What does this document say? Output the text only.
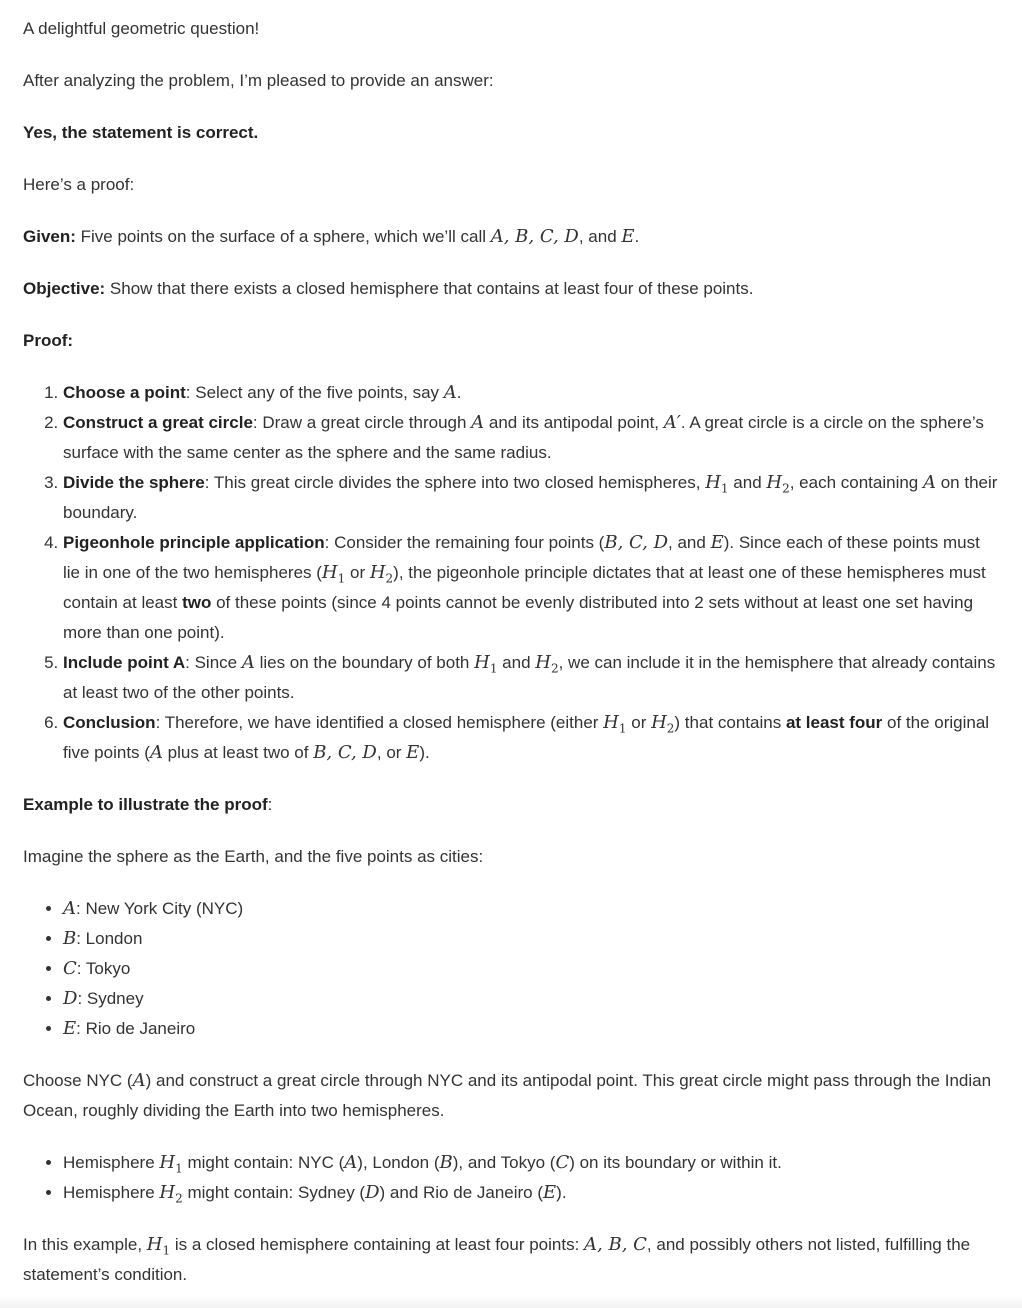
A delightful geometric question!

After analyzing the problem, I’m pleased to provide an answer:

Yes, the statement is correct.

Here’s a proof:

Given: Five points on the surface of a sphere, which we’ll call A, B, C, D, and E.

Objective: Show that there exists a closed hemisphere that contains at least four of these points.

Proof:

1. Choose a point: Select any of the five points, say A.
2. Construct a great circle: Draw a great circle through A and its antipodal point, A′. A great circle is a circle on the sphere’s surface with the same center as the sphere and the same radius.
3. Divide the sphere: This great circle divides the sphere into two closed hemispheres, $H_1$ and $H_2$, each containing A on their boundary.
4. Pigeonhole principle application: Consider the remaining four points (B, C, D, and E). Since each of these points must lie in one of the two hemispheres ($H_1$ or $H_2$), the pigeonhole principle dictates that at least one of these hemispheres must contain at least two of these points (since 4 points cannot be evenly distributed into 2 sets without at least one set having more than one point).
5. Include point A: Since A lies on the boundary of both $H_1$ and $H_2$, we can include it in the hemisphere that already contains at least two of the other points.
6. Conclusion: Therefore, we have identified a closed hemisphere (either $H_1$ or $H_2$) that contains at least four of the original five points (A plus at least two of B, C, D, or E).

Example to illustrate the proof:

Imagine the sphere as the Earth, and the five points as cities:

• A: New York City (NYC)
• B: London
• C: Tokyo
• D: Sydney
• E: Rio de Janeiro

Choose NYC (A) and construct a great circle through NYC and its antipodal point. This great circle might pass through the Indian Ocean, roughly dividing the Earth into two hemispheres.

• Hemisphere $H_1$ might contain: NYC (A), London (B), and Tokyo (C) on its boundary or within it.
• Hemisphere $H_2$ might contain: Sydney (D) and Rio de Janeiro (E).

In this example, $H_1$ is a closed hemisphere containing at least four points: A, B, C, and possibly others not listed, fulfilling the statement’s condition.
